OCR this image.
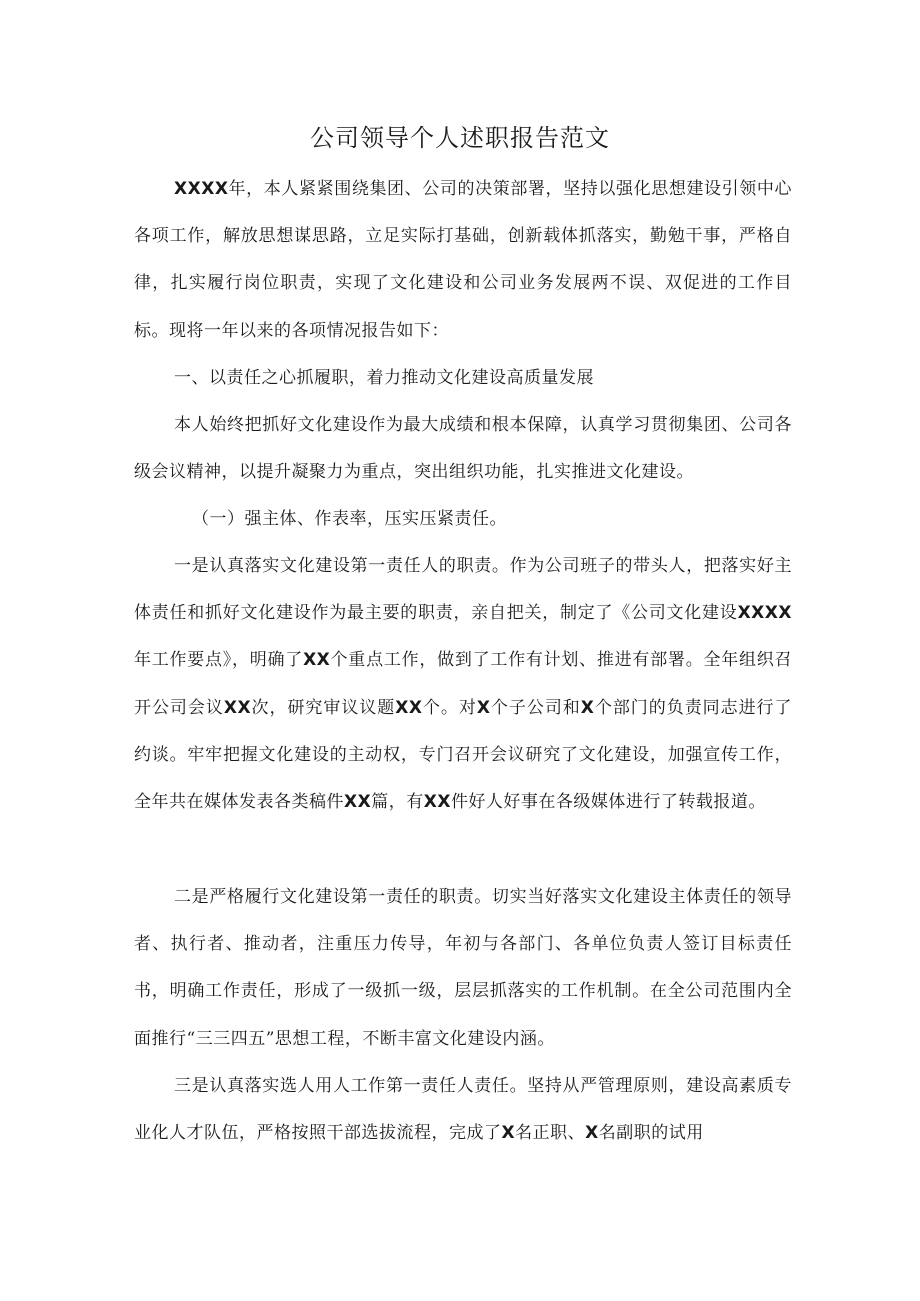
公司领导个人述职报告范文
XXXX年，本人紧紧围绕集团、公司的决策部署，坚持以强化思想建设引领中心各项工作，解放思想谋思路，立足实际打基础，创新载体抓落实，勤勉干事，严格自律，扎实履行岗位职责，实现了文化建设和公司业务发展两不误、双促进的工作目标。现将一年以来的各项情况报告如下：
一、以责任之心抓履职，着力推动文化建设高质量发展
本人始终把抓好文化建设作为最大成绩和根本保障，认真学习贯彻集团、公司各级会议精神，以提升凝聚力为重点，突出组织功能，扎实推进文化建设。
（一）强主体、作表率，压实压紧责任。
一是认真落实文化建设第一责任人的职责。作为公司班子的带头人，把落实好主体责任和抓好文化建设作为最主要的职责，亲自把关，制定了《公司文化建设XXXX年工作要点》，明确了XX个重点工作，做到了工作有计划、推进有部署。全年组织召开公司会议XX次，研究审议议题XX个。对X个子公司和X个部门的负责同志进行了约谈。牢牢把握文化建设的主动权，专门召开会议研究了文化建设，加强宣传工作，全年共在媒体发表各类稿件XX篇，有XX件好人好事在各级媒体进行了转载报道。
二是严格履行文化建设第一责任的职责。切实当好落实文化建设主体责任的领导者、执行者、推动者，注重压力传导，年初与各部门、各单位负责人签订目标责任书，明确工作责任，形成了一级抓一级，层层抓落实的工作机制。在全公司范围内全面推行“三三四五”思想工程，不断丰富文化建设内涵。
三是认真落实选人用人工作第一责任人责任。坚持从严管理原则，建设高素质专业化人才队伍，严格按照干部选拔流程，完成了X名正职、X名副职的试用
